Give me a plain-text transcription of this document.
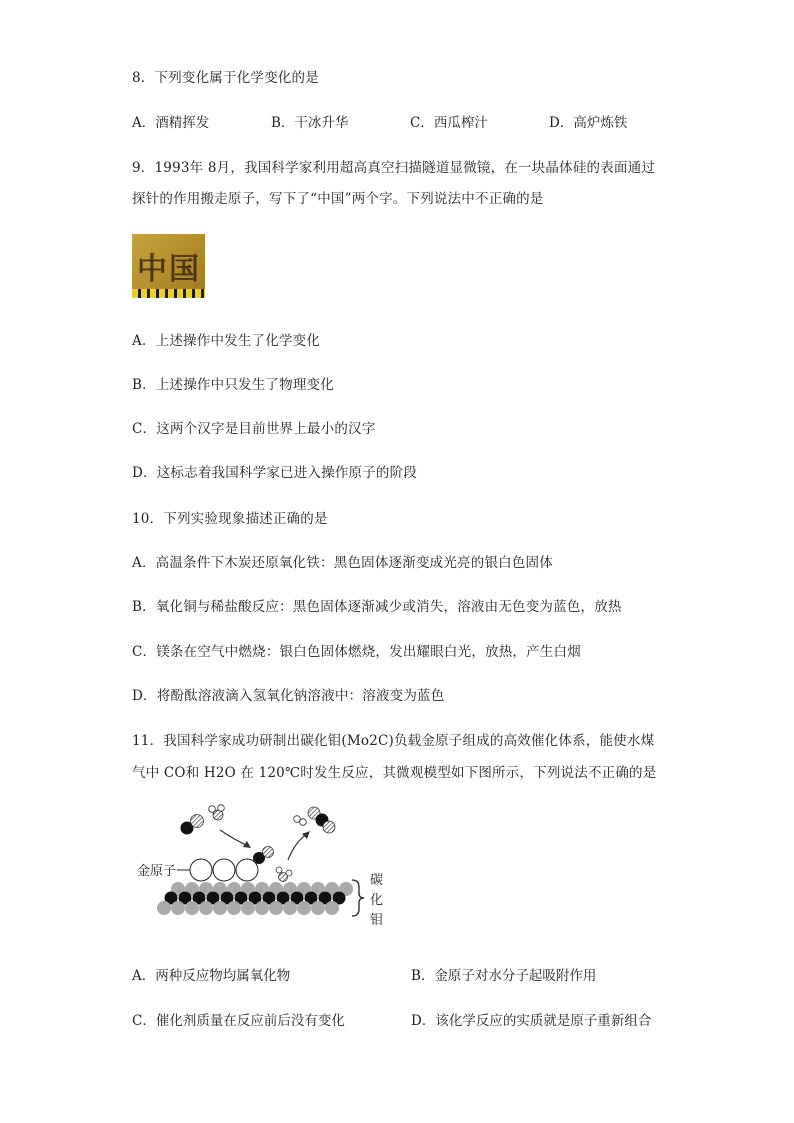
8．下列变化属于化学变化的是
A．酒精挥发	B．干冰升华	C．西瓜榨汁	D．高炉炼铁
9．1993年 8月，我国科学家利用超高真空扫描隧道显微镜，在一块晶体硅的表面通过
探针的作用搬走原子，写下了“中国”两个字。下列说法中不正确的是
中 国
A．上述操作中发生了化学变化
B．上述操作中只发生了物理变化
C．这两个汉字是目前世界上最小的汉字
D．这标志着我国科学家已进入操作原子的阶段
10．下列实验现象描述正确的是
A．高温条件下木炭还原氧化铁：黑色固体逐渐变成光亮的银白色固体
B．氧化铜与稀盐酸反应：黑色固体逐渐减少或消失，溶液由无色变为蓝色，放热
C．镁条在空气中燃烧：银白色固体燃烧，发出耀眼白光，放热，产生白烟
D．将酚酞溶液滴入氢氧化钠溶液中：溶液变为蓝色
11．我国科学家成功研制出碳化钼(Mo2C)负载金原子组成的高效催化体系，能使水煤
气中 CO和 H2O 在 120℃时发生反应，其微观模型如下图所示，下列说法不正确的是
金原子
碳
化
钼
A．两种反应物均属氧化物	B．金原子对水分子起吸附作用
C．催化剂质量在反应前后没有变化	D．该化学反应的实质就是原子重新组合
